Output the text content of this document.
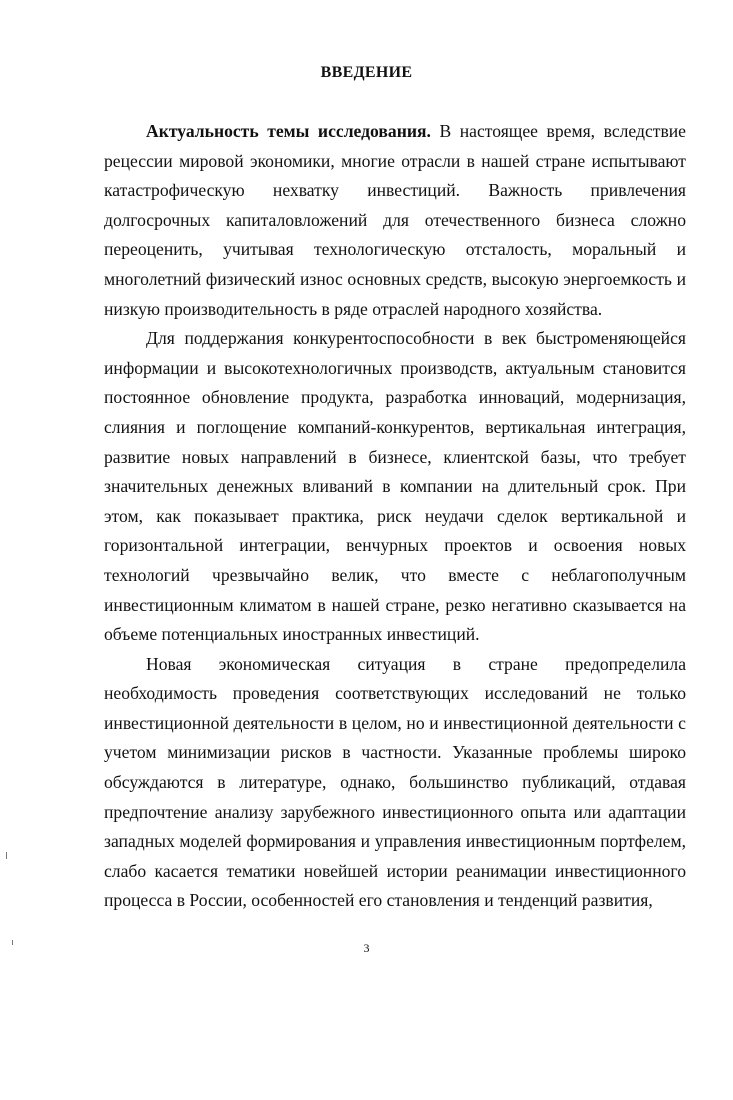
ВВЕДЕНИЕ

Актуальность темы исследования. В настоящее время, вследствие рецессии мировой экономики, многие отрасли в нашей стране испытывают катастрофическую нехватку инвестиций. Важность привлечения долгосрочных капиталовложений для отечественного бизнеса сложно переоценить, учитывая технологическую отсталость, моральный и многолетний физический износ основных средств, высокую энергоемкость и низкую производительность в ряде отраслей народного хозяйства.

Для поддержания конкурентоспособности в век быстроменяющейся информации и высокотехнологичных производств, актуальным становится постоянное обновление продукта, разработка инноваций, модернизация, слияния и поглощение компаний-конкурентов, вертикальная интеграция, развитие новых направлений в бизнесе, клиентской базы, что требует значительных денежных вливаний в компании на длительный срок. При этом, как показывает практика, риск неудачи сделок вертикальной и горизонтальной интеграции, венчурных проектов и освоения новых технологий чрезвычайно велик, что вместе с неблагополучным инвестиционным климатом в нашей стране, резко негативно сказывается на объеме потенциальных иностранных инвестиций.

Новая экономическая ситуация в стране предопределила необходимость проведения соответствующих исследований не только инвестиционной деятельности в целом, но и инвестиционной деятельности с учетом минимизации рисков в частности. Указанные проблемы широко обсуждаются в литературе, однако, большинство публикаций, отдавая предпочтение анализу зарубежного инвестиционного опыта или адаптации западных моделей формирования и управления инвестиционным портфелем, слабо касается тематики новейшей истории реанимации инвестиционного процесса в России, особенностей его становления и тенденций развития,

3
